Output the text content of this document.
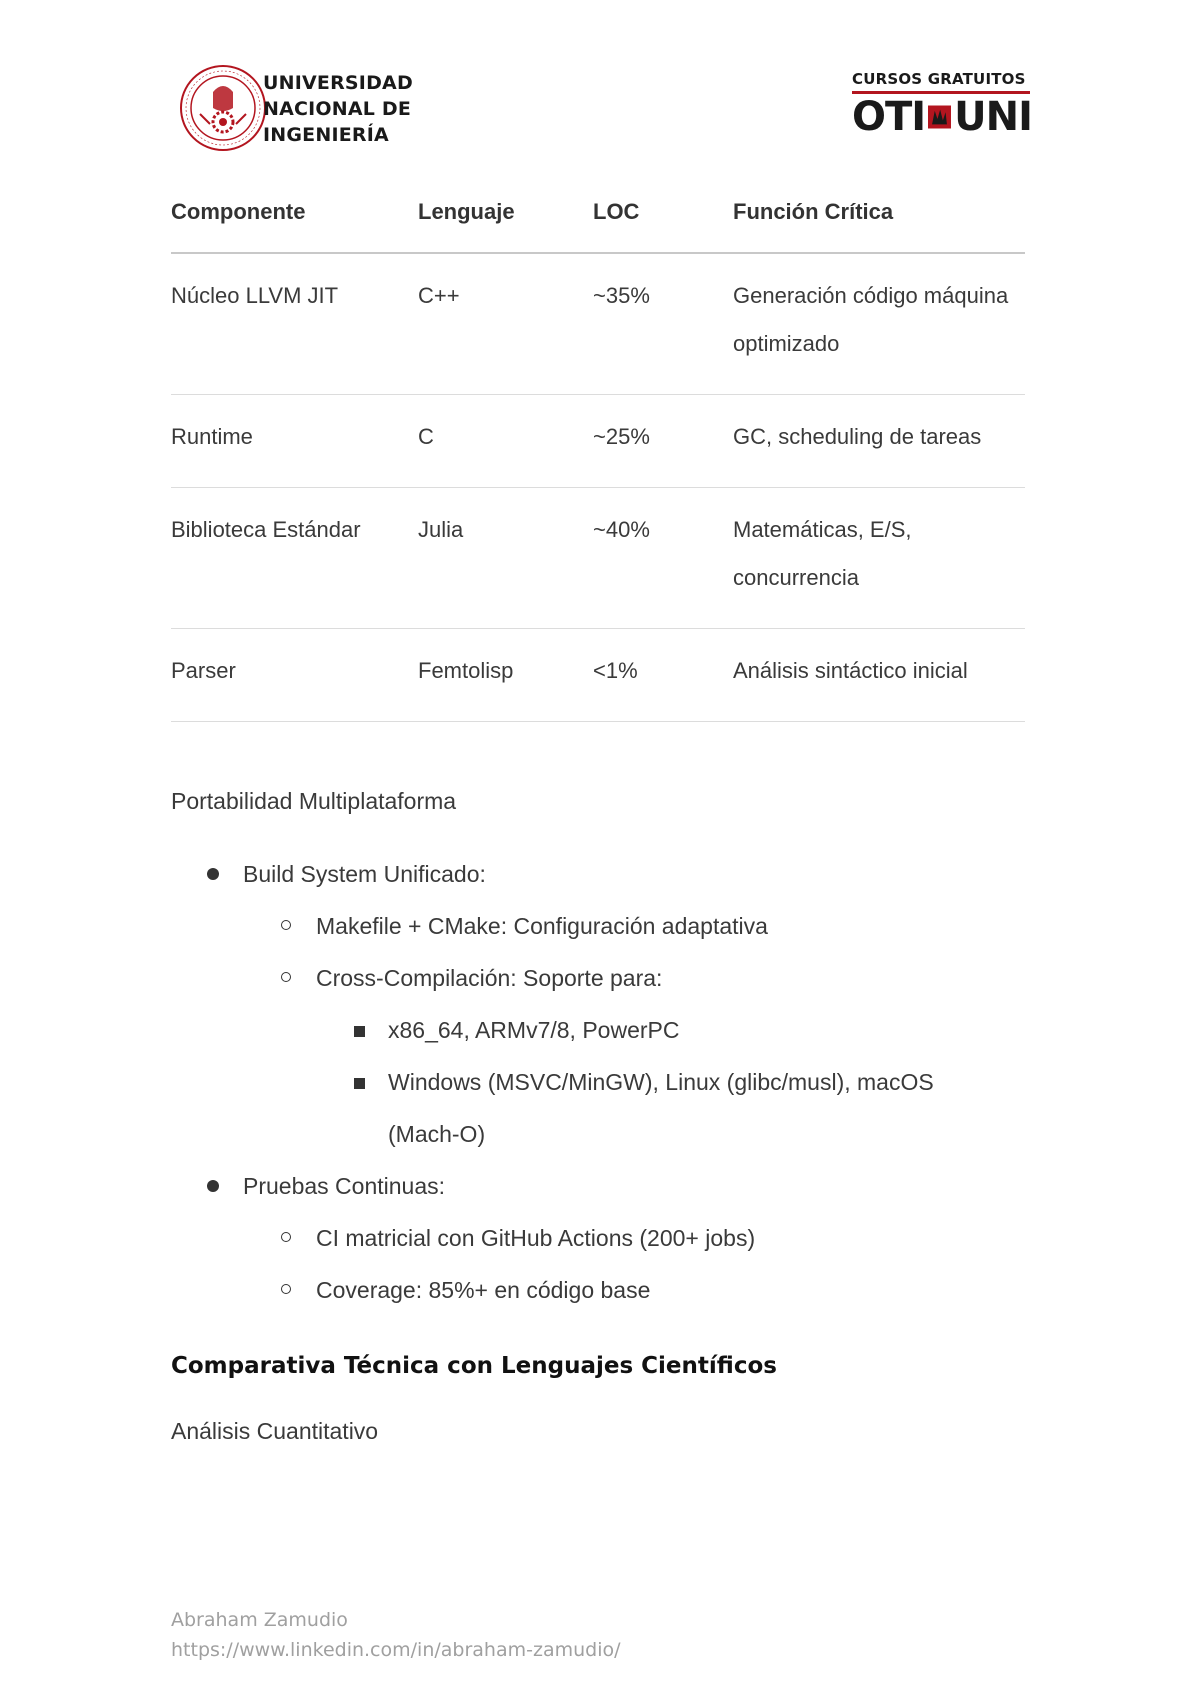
UNIVERSIDAD
NACIONAL DE
INGENIERÍA
CURSOS GRATUITOS
OTI UNI
Componente	Lenguaje	LOC	Función Crítica

Núcleo LLVM JIT	C++	~35%	Generación código máquina optimizado

Runtime	C	~25%	GC, scheduling de tareas

Biblioteca Estándar	Julia	~40%	Matemáticas, E/S, concurrencia

Parser	Femtolisp	<1%	Análisis sintáctico inicial
Portabilidad Multiplataforma
Build System Unificado:
Makefile + CMake: Configuración adaptativa
Cross-Compilación: Soporte para:
x86_64, ARMv7/8, PowerPC
Windows (MSVC/MinGW), Linux (glibc/musl), macOS
(Mach-O)
Pruebas Continuas:
CI matricial con GitHub Actions (200+ jobs)
Coverage: 85%+ en código base
Comparativa Técnica con Lenguajes Científicos
Análisis Cuantitativo
Abraham Zamudio
https://www.linkedin.com/in/abraham-zamudio/
